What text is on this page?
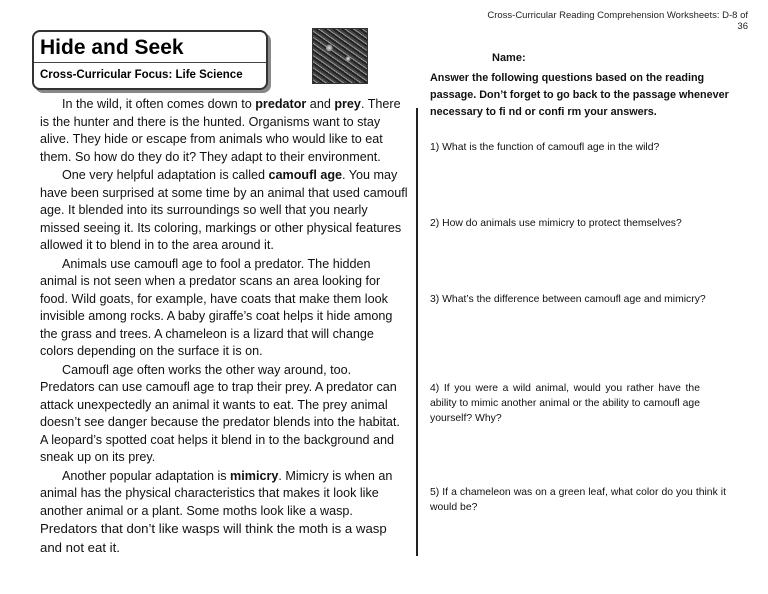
Cross-Curricular Reading Comprehension Worksheets: D-8 of 36
Hide and Seek
Cross-Curricular Focus: Life Science

In the wild, it often comes down to predator and prey. There is the hunter and there is the hunted. Organisms want to stay alive. They hide or escape from animals who would like to eat them. So how do they do it? They adapt to their environment.

One very helpful adaptation is called camoufl age. You may have been surprised at some time by an animal that used camoufl age. It blended into its surroundings so well that you nearly missed seeing it. Its coloring, markings or other physical features allowed it to blend in to the area around it.

Animals use camoufl age to fool a predator. The hidden animal is not seen when a predator scans an area looking for food. Wild goats, for example, have coats that make them look invisible among rocks. A baby giraffe’s coat helps it hide among the grass and trees. A chameleon is a lizard that will change colors depending on the surface it is on.

Camoufl age often works the other way around, too. Predators can use camoufl age to trap their prey. A predator can attack unexpectedly an animal it wants to eat. The prey animal doesn’t see danger because the predator blends into the habitat. A leopard’s spotted coat helps it blend in to the background and sneak up on its prey.

Another popular adaptation is mimicry. Mimicry is when an animal has the physical characteristics that makes it look like another animal or a plant. Some moths look like a wasp. Predators that don’t like wasps will think the moth is a wasp and not eat it.

Name:
Answer the following questions based on the reading passage. Don’t forget to go back to the passage whenever necessary to fi nd or confi rm your answers.
1) What is the function of camoufl age in the wild?
2) How do animals use mimicry to protect themselves?
3) What’s the difference between camoufl age and mimicry?
4) If you were a wild animal, would you rather have the ability to mimic another animal or the ability to camoufl age yourself? Why?
5) If a chameleon was on a green leaf, what color do you think it would be?
